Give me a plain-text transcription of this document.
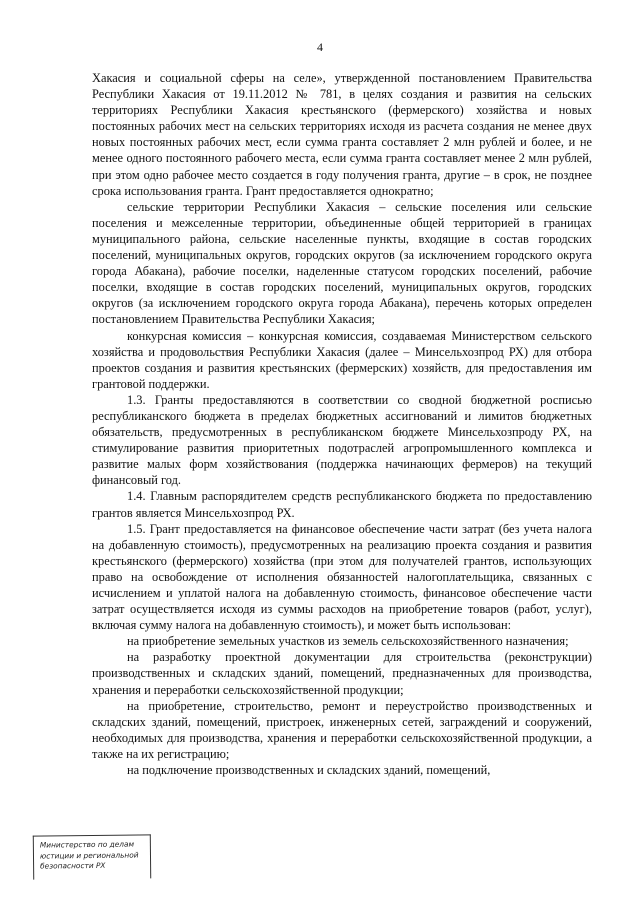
4

Хакасия и социальной сферы на селе», утвержденной постановлением Правительства Республики Хакасия от 19.11.2012 № 781, в целях создания и развития на сельских территориях Республики Хакасия крестьянского (фермерского) хозяйства и новых постоянных рабочих мест на сельских территориях исходя из расчета создания не менее двух новых постоянных рабочих мест, если сумма гранта составляет 2 млн рублей и более, и не менее одного постоянного рабочего места, если сумма гранта составляет менее 2 млн рублей, при этом одно рабочее место создается в году получения гранта, другие – в срок, не позднее срока использования гранта. Грант предоставляется однократно;

сельские территории Республики Хакасия – сельские поселения или сельские поселения и межселенные территории, объединенные общей территорией в границах муниципального района, сельские населенные пункты, входящие в состав городских поселений, муниципальных округов, городских округов (за исключением городского округа города Абакана), рабочие поселки, наделенные статусом городских поселений, рабочие поселки, входящие в состав городских поселений, муниципальных округов, городских округов (за исключением городского округа города Абакана), перечень которых определен постановлением Правительства Республики Хакасия;

конкурсная комиссия – конкурсная комиссия, создаваемая Министерством сельского хозяйства и продовольствия Республики Хакасия (далее – Минсельхозпрод РХ) для отбора проектов создания и развития крестьянских (фермерских) хозяйств, для предоставления им грантовой поддержки.

1.3. Гранты предоставляются в соответствии со сводной бюджетной росписью республиканского бюджета в пределах бюджетных ассигнований и лимитов бюджетных обязательств, предусмотренных в республиканском бюджете Минсельхозпроду РХ, на стимулирование развития приоритетных подотраслей агропромышленного комплекса и развитие малых форм хозяйствования (поддержка начинающих фермеров) на текущий финансовый год.

1.4. Главным распорядителем средств республиканского бюджета по предоставлению грантов является Минсельхозпрод РХ.

1.5. Грант предоставляется на финансовое обеспечение части затрат (без учета налога на добавленную стоимость), предусмотренных на реализацию проекта создания и развития крестьянского (фермерского) хозяйства (при этом для получателей грантов, использующих право на освобождение от исполнения обязанностей налогоплательщика, связанных с исчислением и уплатой налога на добавленную стоимость, финансовое обеспечение части затрат осуществляется исходя из суммы расходов на приобретение товаров (работ, услуг), включая сумму налога на добавленную стоимость), и может быть использован:

на приобретение земельных участков из земель сельскохозяйственного назначения;

на разработку проектной документации для строительства (реконструкции) производственных и складских зданий, помещений, предназначенных для производства, хранения и переработки сельскохозяйственной продукции;

на приобретение, строительство, ремонт и переустройство производственных и складских зданий, помещений, пристроек, инженерных сетей, заграждений и сооружений, необходимых для производства, хранения и переработки сельскохозяйственной продукции, а также на их регистрацию;

на подключение производственных и складских зданий, помещений,

Министерство по делам
юстиции и региональной
безопасности РХ
